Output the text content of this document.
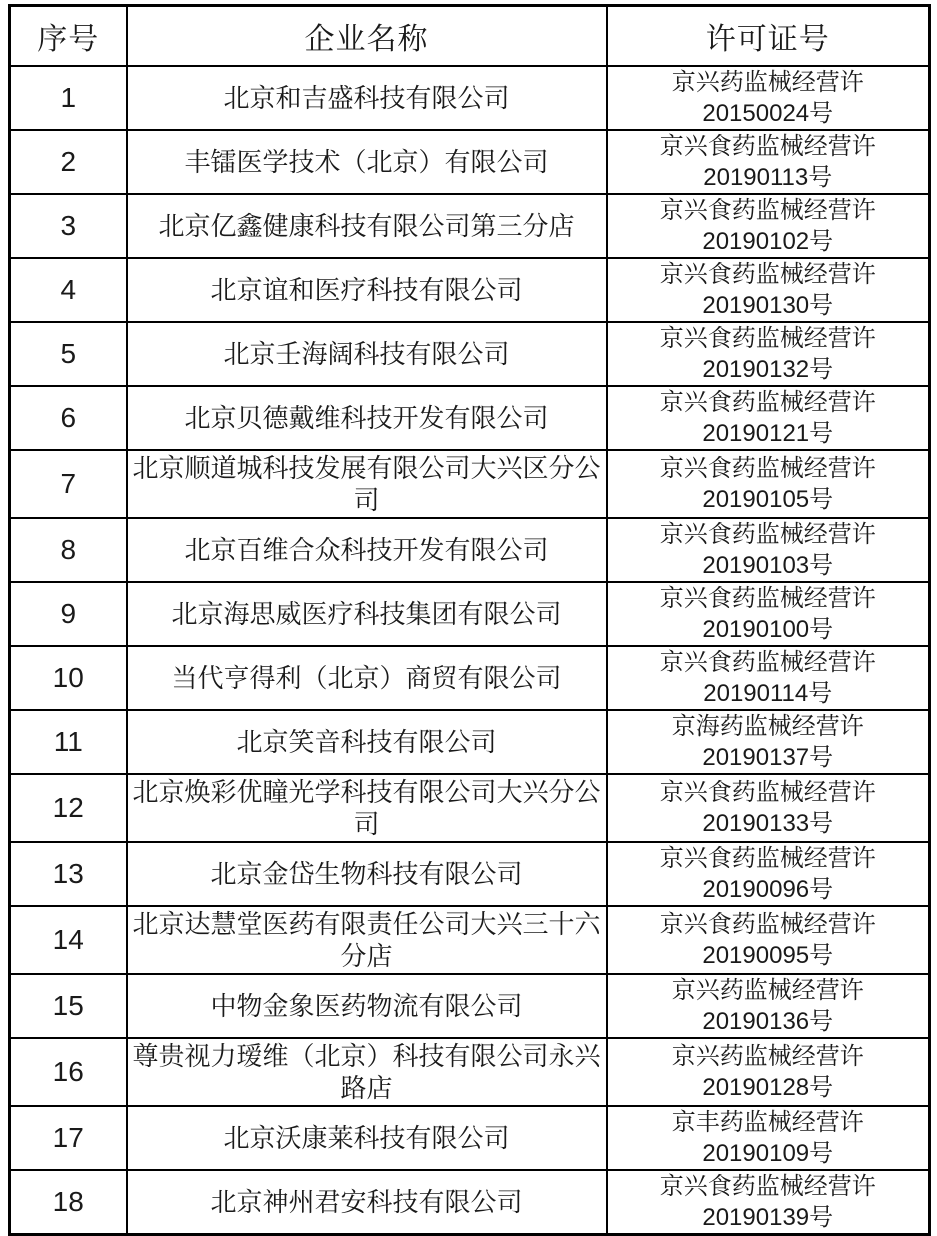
序号	企业名称	许可证号
1	北京和吉盛科技有限公司	京兴药监械经营许
20150024号

2	丰镭医学技术（北京）有限公司	京兴食药监械经营许
20190113号

3	北京亿鑫健康科技有限公司第三分店	京兴食药监械经营许
20190102号

4	北京谊和医疗科技有限公司	京兴食药监械经营许
20190130号

5	北京壬海阔科技有限公司	京兴食药监械经营许
20190132号

6	北京贝德戴维科技开发有限公司	京兴食药监械经营许
20190121号

7	北京顺道城科技发展有限公司大兴区分公司	京兴食药监械经营许
20190105号

8	北京百维合众科技开发有限公司	京兴食药监械经营许
20190103号

9	北京海思威医疗科技集团有限公司	京兴食药监械经营许
20190100号

10	当代亨得利（北京）商贸有限公司	京兴食药监械经营许
20190114号

11	北京笑音科技有限公司	京海药监械经营许
20190137号

12	北京焕彩优瞳光学科技有限公司大兴分公司	京兴食药监械经营许
20190133号

13	北京金岱生物科技有限公司	京兴食药监械经营许
20190096号

14	北京达慧堂医药有限责任公司大兴三十六分店	京兴食药监械经营许
20190095号

15	中物金象医药物流有限公司	京兴药监械经营许
20190136号

16	尊贵视力瑷维（北京）科技有限公司永兴路店	京兴药监械经营许
20190128号

17	北京沃康莱科技有限公司	京丰药监械经营许
20190109号

18	北京神州君安科技有限公司	京兴食药监械经营许
20190139号
